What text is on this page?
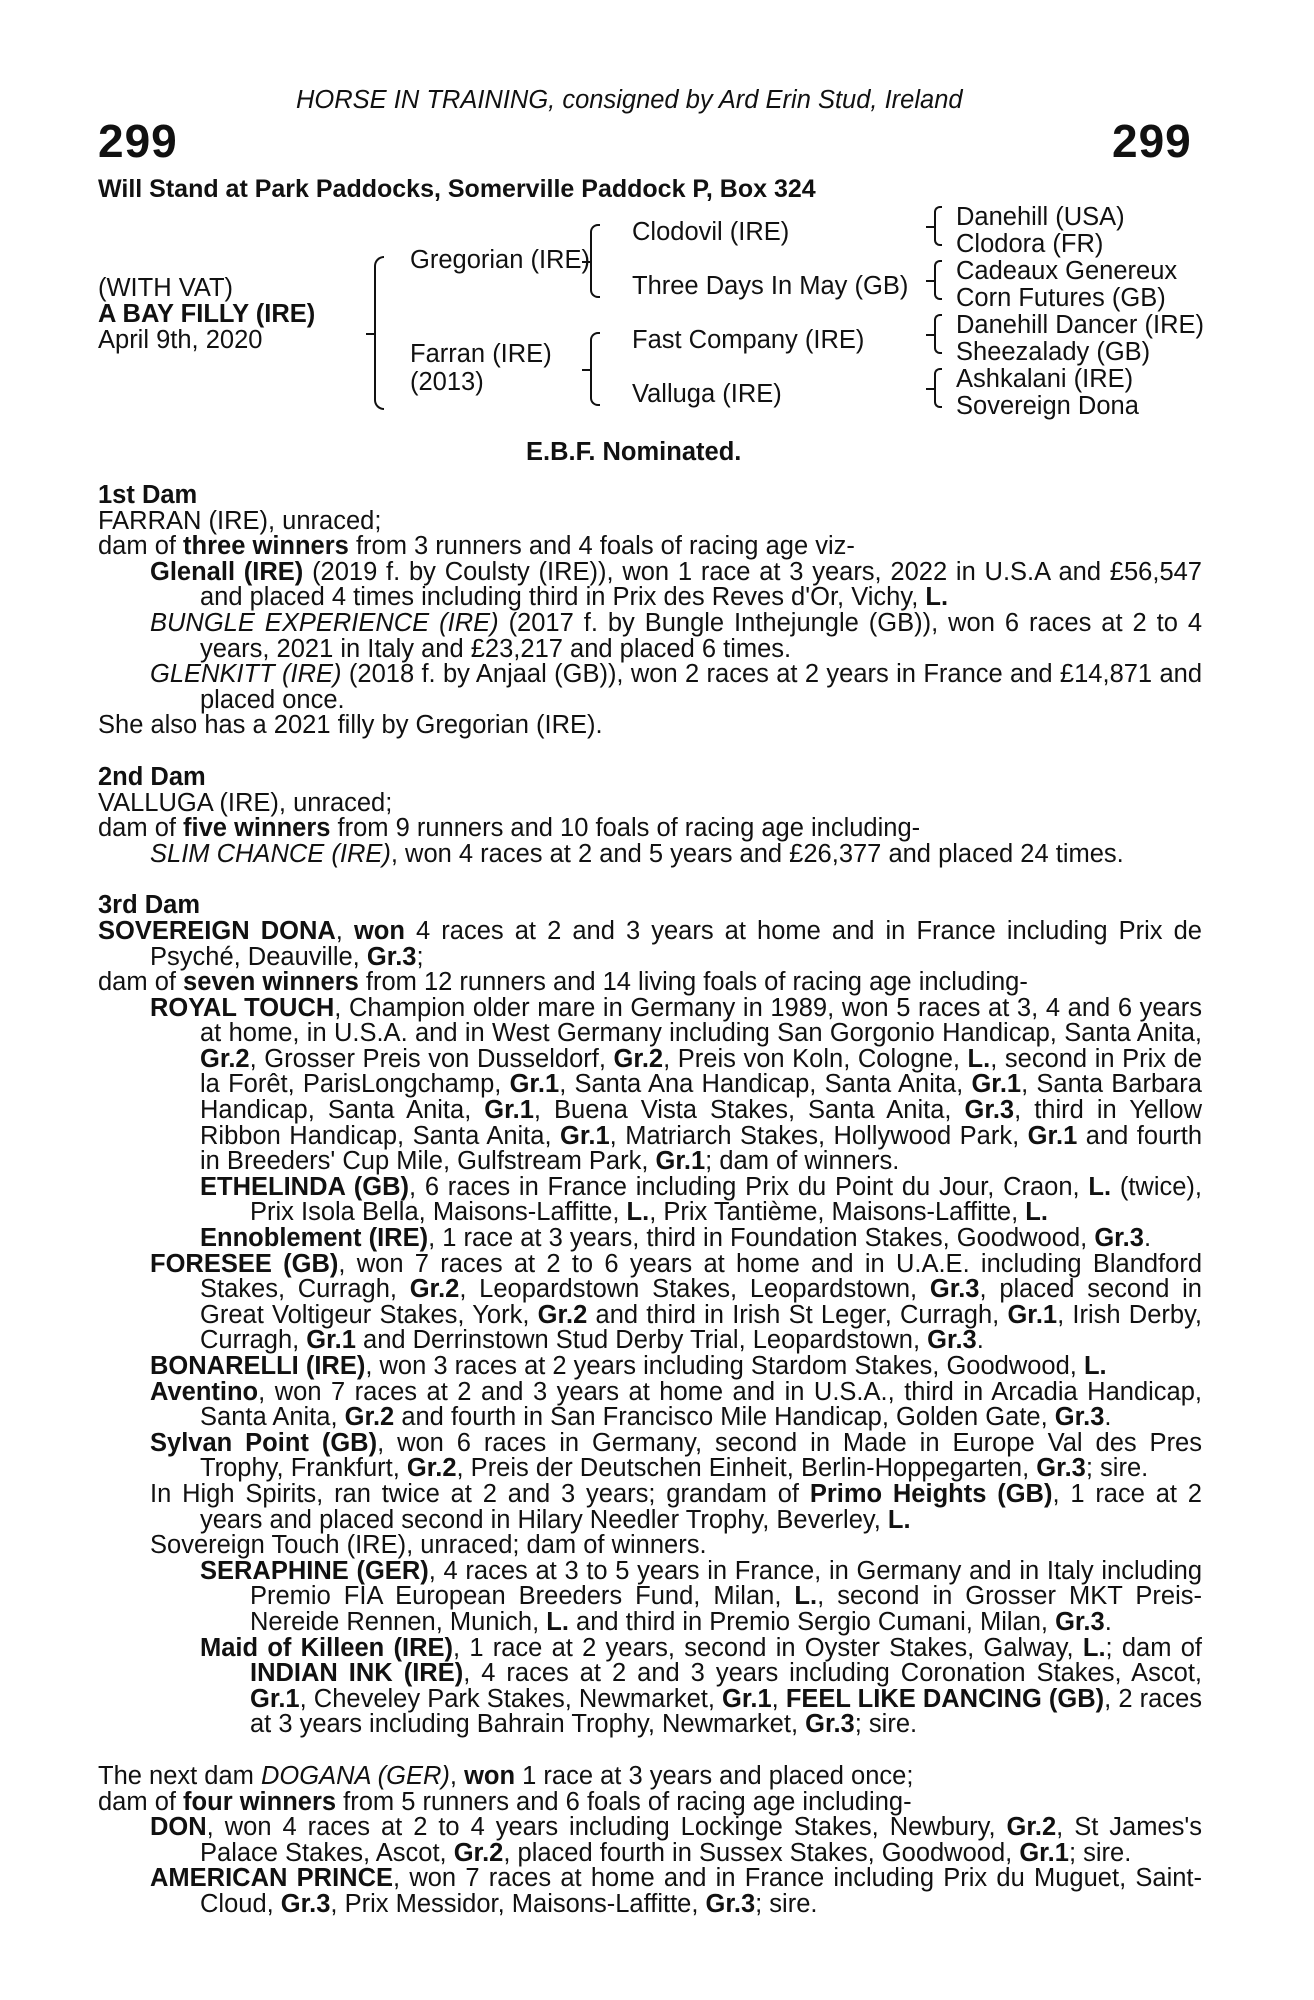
HORSE IN TRAINING, consigned by Ard Erin Stud, Ireland
299	299
Will Stand at Park Paddocks, Somerville Paddock P, Box 324
(WITH VAT)
A BAY FILLY (IRE)
April 9th, 2020
Gregorian (IRE)
Farran (IRE)
(2013)
Clodovil (IRE)
Three Days In May (GB)
Fast Company (IRE)
Valluga (IRE)
Danehill (USA)
Clodora (FR)
Cadeaux Genereux
Corn Futures (GB)
Danehill Dancer (IRE)
Sheezalady (GB)
Ashkalani (IRE)
Sovereign Dona
E.B.F. Nominated.

1st Dam

FARRAN (IRE), unraced;

dam of three winners from 3 runners and 4 foals of racing age viz-

Glenall (IRE) (2019 f. by Coulsty (IRE)), won 1 race at 3 years, 2022 in U.S.A and £56,547 and placed 4 times including third in Prix des Reves d'Or, Vichy, L.

BUNGLE EXPERIENCE (IRE) (2017 f. by Bungle Inthejungle (GB)), won 6 races at 2 to 4 years, 2021 in Italy and £23,217 and placed 6 times.

GLENKITT (IRE) (2018 f. by Anjaal (GB)), won 2 races at 2 years in France and £14,871 and placed once.

She also has a 2021 filly by Gregorian (IRE).

2nd Dam

VALLUGA (IRE), unraced;

dam of five winners from 9 runners and 10 foals of racing age including-

SLIM CHANCE (IRE), won 4 races at 2 and 5 years and £26,377 and placed 24 times.

3rd Dam

SOVEREIGN DONA, won 4 races at 2 and 3 years at home and in France including Prix de Psyché, Deauville, Gr.3;

dam of seven winners from 12 runners and 14 living foals of racing age including-

ROYAL TOUCH, Champion older mare in Germany in 1989, won 5 races at 3, 4 and 6 years at home, in U.S.A. and in West Germany including San Gorgonio Handicap, Santa Anita, Gr.2, Grosser Preis von Dusseldorf, Gr.2, Preis von Koln, Cologne, L., second in Prix de la Forêt, ParisLongchamp, Gr.1, Santa Ana Handicap, Santa Anita, Gr.1, Santa Barbara Handicap, Santa Anita, Gr.1, Buena Vista Stakes, Santa Anita, Gr.3, third in Yellow Ribbon Handicap, Santa Anita, Gr.1, Matriarch Stakes, Hollywood Park, Gr.1 and fourth in Breeders' Cup Mile, Gulfstream Park, Gr.1; dam of winners.

ETHELINDA (GB), 6 races in France including Prix du Point du Jour, Craon, L. (twice), Prix Isola Bella, Maisons-Laffitte, L., Prix Tantième, Maisons-Laffitte, L.

Ennoblement (IRE), 1 race at 3 years, third in Foundation Stakes, Goodwood, Gr.3.

FORESEE (GB), won 7 races at 2 to 6 years at home and in U.A.E. including Blandford Stakes, Curragh, Gr.2, Leopardstown Stakes, Leopardstown, Gr.3, placed second in Great Voltigeur Stakes, York, Gr.2 and third in Irish St Leger, Curragh, Gr.1, Irish Derby, Curragh, Gr.1 and Derrinstown Stud Derby Trial, Leopardstown, Gr.3.

BONARELLI (IRE), won 3 races at 2 years including Stardom Stakes, Goodwood, L.

Aventino, won 7 races at 2 and 3 years at home and in U.S.A., third in Arcadia Handicap, Santa Anita, Gr.2 and fourth in San Francisco Mile Handicap, Golden Gate, Gr.3.

Sylvan Point (GB), won 6 races in Germany, second in Made in Europe Val des Pres Trophy, Frankfurt, Gr.2, Preis der Deutschen Einheit, Berlin-Hoppegarten, Gr.3; sire.

In High Spirits, ran twice at 2 and 3 years; grandam of Primo Heights (GB), 1 race at 2 years and placed second in Hilary Needler Trophy, Beverley, L.

Sovereign Touch (IRE), unraced; dam of winners.

SERAPHINE (GER), 4 races at 3 to 5 years in France, in Germany and in Italy including Premio FIA European Breeders Fund, Milan, L., second in Grosser MKT Preis-Nereide Rennen, Munich, L. and third in Premio Sergio Cumani, Milan, Gr.3.

Maid of Killeen (IRE), 1 race at 2 years, second in Oyster Stakes, Galway, L.; dam of INDIAN INK (IRE), 4 races at 2 and 3 years including Coronation Stakes, Ascot, Gr.1, Cheveley Park Stakes, Newmarket, Gr.1, FEEL LIKE DANCING (GB), 2 races at 3 years including Bahrain Trophy, Newmarket, Gr.3; sire.

The next dam DOGANA (GER), won 1 race at 3 years and placed once;

dam of four winners from 5 runners and 6 foals of racing age including-

DON, won 4 races at 2 to 4 years including Lockinge Stakes, Newbury, Gr.2, St James's Palace Stakes, Ascot, Gr.2, placed fourth in Sussex Stakes, Goodwood, Gr.1; sire.

AMERICAN PRINCE, won 7 races at home and in France including Prix du Muguet, Saint-Cloud, Gr.3, Prix Messidor, Maisons-Laffitte, Gr.3; sire.
